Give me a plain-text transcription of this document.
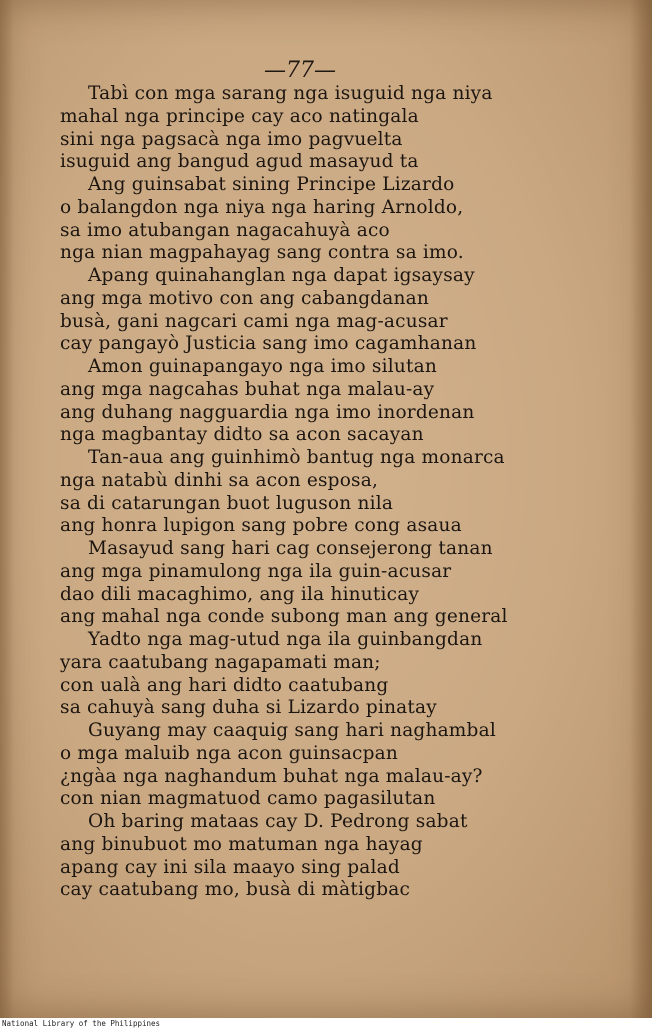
—77—
Tabì con mga sarang nga isuguid nga niya
mahal nga principe cay aco natingala
sini nga pagsacà nga imo pagvuelta
isuguid ang bangud agud masayud ta
Ang guinsabat sining Principe Lizardo
o balangdon nga niya nga haring Arnoldo,
sa imo atubangan nagacahuyà aco
nga nian magpahayag sang contra sa imo.
Apang quinahanglan nga dapat igsaysay
ang mga motivo con ang cabangdanan
busà, gani nagcari cami nga mag-acusar
cay pangayò Justicia sang imo cagamhanan
Amon guinapangayo nga imo silutan
ang mga nagcahas buhat nga malau-ay
ang duhang nagguardia nga imo inordenan
nga magbantay didto sa acon sacayan
Tan-aua ang guinhimò bantug nga monarca
nga natabù dinhi sa acon esposa,
sa di catarungan buot luguson nila
ang honra lupigon sang pobre cong asaua
Masayud sang hari cag consejerong tanan
ang mga pinamulong nga ila guin-acusar
dao dili macaghimo, ang ila hinuticay
ang mahal nga conde subong man ang general
Yadto nga mag-utud nga ila guinbangdan
yara caatubang nagapamati man;
con ualà ang hari didto caatubang
sa cahuyà sang duha si Lizardo pinatay
Guyang may caaquig sang hari naghambal
o mga maluib nga acon guinsacpan
¿ngàa nga naghandum buhat nga malau-ay?
con nian magmatuod camo pagasilutan
Oh baring mataas cay D. Pedrong sabat
ang binubuot mo matuman nga hayag
apang cay ini sila maayo sing palad
cay caatubang mo, busà di màtigbac
National Library of the Philippines
